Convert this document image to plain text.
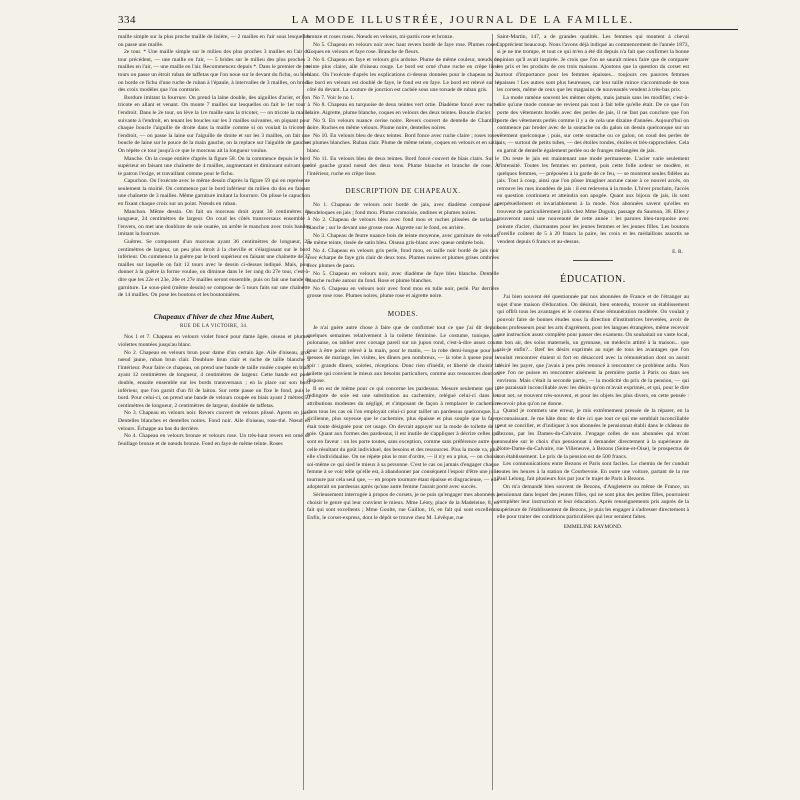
334	LA MODE ILLUSTRÉE, JOURNAL DE LA FAMILLE.

maille simple sur la plus proche maille de lisière, — 2 mailles en l'air sous lesquelles on passe une maille.

2e tour. * Une maille simple sur le milieu des plus proches 3 mailles en l'air du tour précédent, — une maille en l'air, — 5 brides sur le milieu des plus proches 3 mailles en l'air, — une maille en l'air. Recommencez depuis *. Dans le premier de ces tours on passe un étroit ruban de taffetas que l'on noue sur le devant du fichu, ou bien on borde ce fichu d'une ruche de ruban à l'épaule, à intervalles de 3 mailles, on brode des croix modèles que l'on contrarie.

Bordure imitant la fourrure. On prend la laine double, des aiguilles d'acier, et l'on tricote en allant et venant. On monte 7 mailles sur lesquelles on fait le 1er tour à l'endroit. Dans le 2e tour, on lève la 1re maille sans la tricoter, — on tricote la maille suivante à l'endroit, en tenant les boucles sur les 3 mailles suivantes, en piquant pour chaque boucle l'aiguille de droite dans la maille comme si on voulait la tricoter à l'endroit, — on passe la laine sur l'aiguille de droite et sur les 3 mailles, on fait une boucle de laine sur le pouce de la main gauche, on la replace sur l'aiguille de gauche. On répète ce tour jusqu'à ce que le morceau ait la longueur voulue.

Manche. On la coupe entière d'après la figure 58. On la commence depuis le bord supérieur en faisant une chaînette de 4 mailles, augmentant et diminuant suivant que le patron l'exige, et travaillant comme pour le fichu.

Capuchon. On l'exécute avec le même dessin d'après la figure 59 qui en représente seulement la moitié. On commence par le bord inférieur du milieu du dos en faisant une chaînette de 3 mailles. Même garniture imitant la fourrure. On plisse le capuchon en fixant chaque croix sur un point. Nœuds en ruban.

Manchon. Même dessin. On fait un morceau droit ayant 30 centimètres de longueur, 24 centimètres de largeur. On coud les côtés transversaux ensemble à l'envers, on met une doublure de soie ouatée, on arrête le manchon avec trois bandes imitant la fourrure.

Guêtres. Se composent d'un morceau ayant 36 centimètres de longueur, 25 centimètres de largeur, un peu plus étroit à la cheville et s'élargissant sur le bord inférieur. On commence la guêtre par le bord supérieur en faisant une chaînette de 37 mailles sur laquelle on fait 12 tours avec le dessin ci-dessus indiqué. Mais, pour donner à la guêtre la forme voulue, on diminue dans le 1er rang du 27e tour, c'est-à-dire que les 22e et 23e, 26e et 27e mailles seront ensemble, puis on fait une bande de garniture. Le sous-pied (même dessin) se compose de 5 tours faits sur une chaînette de 14 mailles. On pose les boutons et les boutonnières.

Chapeaux d'hiver de chez Mme Aubert,
RUE DE LA VICTOIRE, 34.

Nos 1 et 7. Chapeau en velours violet foncé pour dame âgée, oiseau et plumes violettes montées jusqu'au blanc.

No 2. Chapeau en velours brun pour dame d'un certain âge. Aile d'oiseau, gros nœud jaune, ruban brun clair. Doublure brun clair et ruche de taille blanche à l'intérieur. Pour faire ce chapeau, on prend une bande de taille roulée coupée en biais ayant 12 centimètres de longueur, 4 centimètres de largeur. Cette bande est pose double, ensuite ensemble sur les bords transversaux ; en la place sur son bord inférieur, que l'on garnit d'un fil de laiton. Sur cette passe on fixe le fond, puis le bord. Pour celui-ci, on prend une bande de velours coupée en biais ayant 2 mètres 50 centimètres de longueur, 2 centimètres de largeur, doublée de taffetas.

No 3. Chapeau en velours noir. Revers couvert de velours plissé. Aprets en jais. Dentelles blanches et dentelles noires. Fond noir. Aile d'oiseau, rose-thé. Nœud en velours. Échappe au bas du derrière.

No 4. Chapeau en velours bronze et velours rose. Un très-haut revers est orné de feuillage bronze et de nœuds bronze. Fond en faye de même teinte. Roses

bronze et roses roses. Nœuds en velours, mi-partis rose et bronze.

No 5. Chapeau en velours noir avec haut revers bordé de faye rose. Plumes roses. Coques en velours et faye rose. Branche de fleurs.

No 6. Chapeau en faye et velours gris ardoise. Plume de même couleur, nœuds de teinte plus claire, aile d'oiseau rouge. Le bord est orné d'une ruche en crêpe lisse blanc. On l'exécute d'après les explications ci-dessus données pour le chapeau no 2. Le bord en velours est doublé de faye, le fond est en faye. Le bord est relevé sur le côté du devant. La couture de jonction est cachée sous une torsade de ruban gris.

No 7. Voir le no 1.

No 8. Chapeau en turquoise de deux teintes vert ortie. Diadème foncé avec ruche claire. Aigrette, plume blanche, coques en velours des deux teintes. Boucle d'acier.

No 9. En velours nuance cerise noire. Revers couvert de dentelle de Chantilly noire. Ruches en même velours. Plume noire, dentelles noires.

No 10. En velours bleu de deux teintes. Bord fonce avec ruche claire ; roses roses et plumes blanches. Ruban clair. Plume de même teinte, coques en velours et en satin blanc.

No 11. En velours bleu de deux teintes. Bord foncé couvert de biais clairs. Sur le côté gauche grand nœud des deux tons. Plume blanche et branche de rose. À l'intérieur, ruche en crêpe lisse.

DESCRIPTION DE CHAPEAUX.

No 1. Chapeau de velours noir bordé de jais, avec diadème composé de pendeloques en jais ; fond mou. Plume cramoisie, ondines et plumes noires.

No 2. Chapeau de velours bleu avec fond mou et ruches plissées de tarlatane blanche ; sur le devant une grosse rose. Aigrette sur le fond, en arrière.

No 3. Chapeau de feutre nuance bois de teinte moyenne, avec garniture de velours de même teinte, tissée de satin bleu. Oiseau gris-blanc avec queue ombrée bois.

No 4. Chapeau en velours gris perle, fond mou, en taille noir bordé de jais noir avec écharpe de faye gris clair de deux tons. Plumes noires et plumes grises ombrées avec plumes de paon.

No 5. Chapeau en velours noir, avec diadème de faye bleu blanche. Dentelle blanche ruchée autour du fond. Rose et plume blanches.

No 6. Chapeau en velours noir avec fond mou en tulle noir, perlé. Par derrière grosse rose rose. Plumes noires, plume rose et aigrette noire.

MODES.

Je n'ai guère autre chose à faire que de confirmer tout ce que j'ai dit depuis quelques semaines relativement à la toilette féminine. Le costume, tunique, ou polonaise, ou tablier avec corsage pareil sur un jupon rond, c'est-à-dire assez court pour à être point relevé à la main, pour le matin, — la robe demi-longue pour les messes de mariage, les visites, les dîners peu nombreux, — la robe à queue pour le soir : grands dîners, soirées, réceptions. Donc rien d'inédit, et liberté de choisir la toilette qui convient le mieux aux besoins particuliers, comme aux ressources dont on dispose.

Il en est de même pour ce qui concerne les pardessus. Mesure seulement que la redingote de soie est une substitution au cachemire, relégué celui-ci dans les attributions modestes du négligé, et s'imposant de façon à remplacer le cachemire dans tous les cas où l'on employait celui-ci pour tailler un pardessus quelconque. La sicilienne, plus soyeuse que le cachemire, plus épaisse et plus souple que la faye, était toute désignée pour cet usage. On devrait appuyer sur la mode de toilette de la soie. Quant aux formes des pardessus, il est inutile de s'appliquer à décrire celles qui sont en faveur : on les porte toutes, sans exception, comme sans préférence autre que celle résultant du goût individuel, des besoins et des ressources. Plus la mode va, plus elle s'individualise. On ne répète plus le mot d'ordre, — il n'y en a plus, — on choisit soi-même ce qui sied le mieux à sa personne. C'est le cas ou jamais d'engager chaque femme à se voir telle qu'elle est, à abandonner par conséquent l'espoir d'être une jolie tournure par cela seul que, — en propre tournure étant épaisse et disgracieuse, — elle adopterait un pardessus après qu'une autre femme l'aurait porté avec succès.

Sérieusement interrogée à propos de corsets, je ne puis qu'engager mes abonnées à choisir le genre qui leur convient le mieux. Mme Léoty, place de la Madeleine, 8, en fait qui sont excellents ; Mme Goulte, rue Gaillon, 16, en fait qui sont excellents. Enfin, le corset-express, dont le dépôt se trouve chez M. Lévêque, rue

Saint-Martin, 147, a de grandes qualités. Les femmes qui montent à cheval l'apprécient beaucoup. Nous l'avons déjà indiqué au commencement de l'année 1873, si je ne me trompe, et tout ce qui m'en a été dit depuis n'a fait que confirmer la bonne opinion qu'il avait inspirée. Je crois que l'on ne saurait mieux faire que de comparer les prix et les produits de ces trois maisons. Ajoutons que la question du corset est surtout d'importance pour les femmes épaisses... toujours ces pauvres femmes épaisses ! Les autres sont plus heureuses, car leur taille mince s'accommode de tous les corsets, même de ceux que les magasins de nouveautés vendent à très-bas prix.

La mode ramène souvent les mêmes objets, mais jamais sans les modifier, c'est-à-dire qu'une mode connue ne revient pas tout à fait telle qu'elle était. De ce que l'on porte des vêtements brodés avec des perles de jais, il ne faut pas conclure que l'on porte des vêtements perlés comme il y a de cela une dizaine d'années. Aujourd'hui on commence par broder avec de la soutache ou du galon un dessin quelconque sur un vêtement quelconque ; puis, sur cette soutache ou ce galon, on coud des perles de jais, — surtout de petits tubes, — des étoiles rondes, étoiles et très-rapprochées. Cela en garnit de dentelle également perlée ou de franges mélangées de jais.

Du reste le jais est maintenant une mode permanente. L'acier varie seulement d'intensité. Toutes les femmes en portent, puis cette folle ardeur se modère, et quelques femmes, — préposées à la garde de ce feu, — se montrent seules fidèles au jais. Tout à coup, ainsi que l'on pûsse imaginer aucune cause à ce nouvel accès, on retrouve les rues inondées de jais : il est redevenu à la mode. L'hiver prochain, l'accès en question continuera et atteindra son apogée. Quant aux bijoux de jais, ils sont perpétuellement et invariablement à la mode. Nos abonnées savent qu'elles en trouvent de particulièrement jolis chez Mme Duguin, passage du Saumon, 38. Elles y trouveront aussi une nouveauté de cette année : les parures bleu-turquoise avec poinste d'acier, charmantes pour les jeunes femmes et les jeunes filles. Les boutons d'oreille coûtent de 5 à 20 francs la paire, les croix et les médaillons assortis se vendent depuis 6 francs et au-dessus.

E. R.
ÉDUCATION.

J'ai bien souvent été questionnée par nos abonnées de France et de l'étranger au sujet d'une maison d'éducation. On désirait, bien entendu, trouver un établissement qui offrît tous les avantages et le contenu d'une rémunération modérée. On voulait y pouvoir faire de bonnes études sous la direction d'institutrices brevetées, avoir de bons professeurs pour les arts d'agrément, pour les langues étrangères, même recevoir une instruction assez complète pour passer des examens. On souhaitait un vaste local, un bon air, des soins maternels, un gymnase, un médecin attitré à la maison... que sais-je enfin?... Bref les désirs exprimés au sujet de tous les avantages que l'on voulait rencontrer étaient si fort en désaccord avec la rémunération dont on aurait désiré les payer, que j'avais à peu près renoncé à rencontrer ce problème ardu. Non que l'on ne puisse en rencontrer aisément la première partie à Paris ou dans ses environs. Mais c'était la seconde partie, — la modicité du prix de la pension, — qui me paraissait inconciliable avec les désirs qu'on m'avait exprimés, et qui, pour le dire tout net, se trouvent très-souvent, et pour les objets les plus divers, en cette pensée : recevoir plus qu'on ne donne.

Quand je commets une erreur, je mis extrêmement pressée de la réparer, en la reconnaissant. Je me hâte donc de dire ici que tout ce qui me semblait inconciliable peut se concilier, et d'indiquer à nos abonnées le pensionnat établi dans le château de Bezons, par les Dames-du-Calvaire. J'engage celles de nos abonnées qui m'ont consultée sur le choix d'un pensionnat à demander directement à la supérieure de Notre-Dame-du-Calvaire, rue Villeneuve, à Bezons (Seine-et-Oise), le prospectus de son établissement. Le prix de la pension est de 500 francs.

Les communications entre Bezons et Paris sont faciles. Le chemin de fer conduit toutes les heures à la station de Courbevoie. En outre une voiture, partant de la rue Paul Lelong, fait plusieurs fois par jour le trajet de Paris à Bezons.

On m'a demandé bien souvent de Bezons, d'Angleterre ou même de France, un pensionnat dans lequel des jeunes filles, qui ne sont plus des petites filles, pourraient compléter leur instruction et leur éducation. Après renseignements pris auprès de la supérieure de l'établissement de Bezons, je puis les engager à s'adresser directement à elle pour traiter des conditions particulières qui leur seraient faites.

EMMELINE RAYMOND.
